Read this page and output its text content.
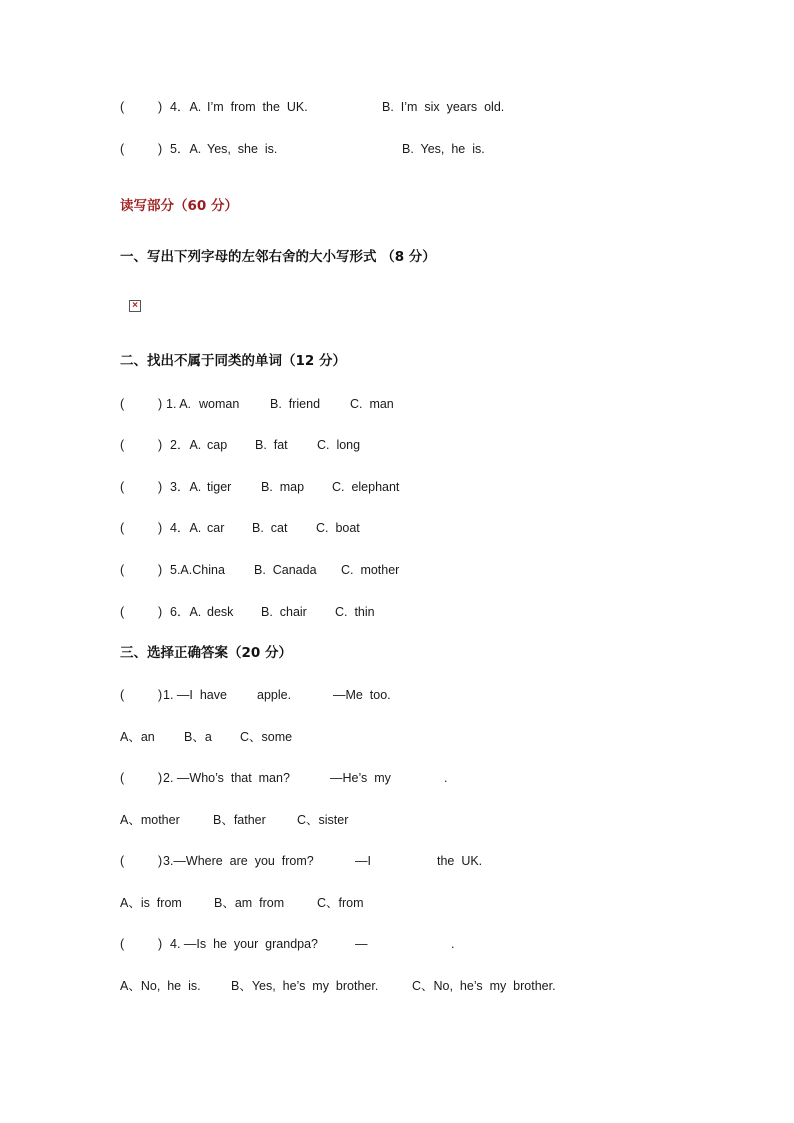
(

	)

4．A.

I’m  from  the  UK.

	B.  I’m  six  years  old.

(

	)

5．A.

Yes,  she  is.

	B.  Yes,  he  is.

读写部分（60 分）

一、写出下列字母的左邻右舍的大小写形式 （8 分）

×

二、找出不属于同类的单词（12 分）

(

	)

1. A.

woman

B.  friend

C.  man

(

	)

2．A.

cap

B.  fat

C.  long

(

	)

3．A.

tiger

B.  map

C.  elephant

(

	)

4．A.

car

B.  cat

C.  boat

(

	)

5.A.China

B.  Canada

C.  mother

(

	)

6．A.

desk

B.  chair

C.  thin

三、选择正确答案（20 分）

(

	)

1. —I  have

apple.

	—Me  too.

A、an

B、a

C、some

(

	)

2. —Who’s  that  man?

	—He’s  my

	.

A、mother

	B、father

C、sister

(

	)

3.—Where  are  you  from?

	—I

	the  UK.

A、is  from

	B、am  from

	C、from

(

	)

4. —Is  he  your  grandpa?

	—

	.

A、No,  he  is.

B、Yes,  he’s  my  brother.

	C、No,  he’s  my  brother.
